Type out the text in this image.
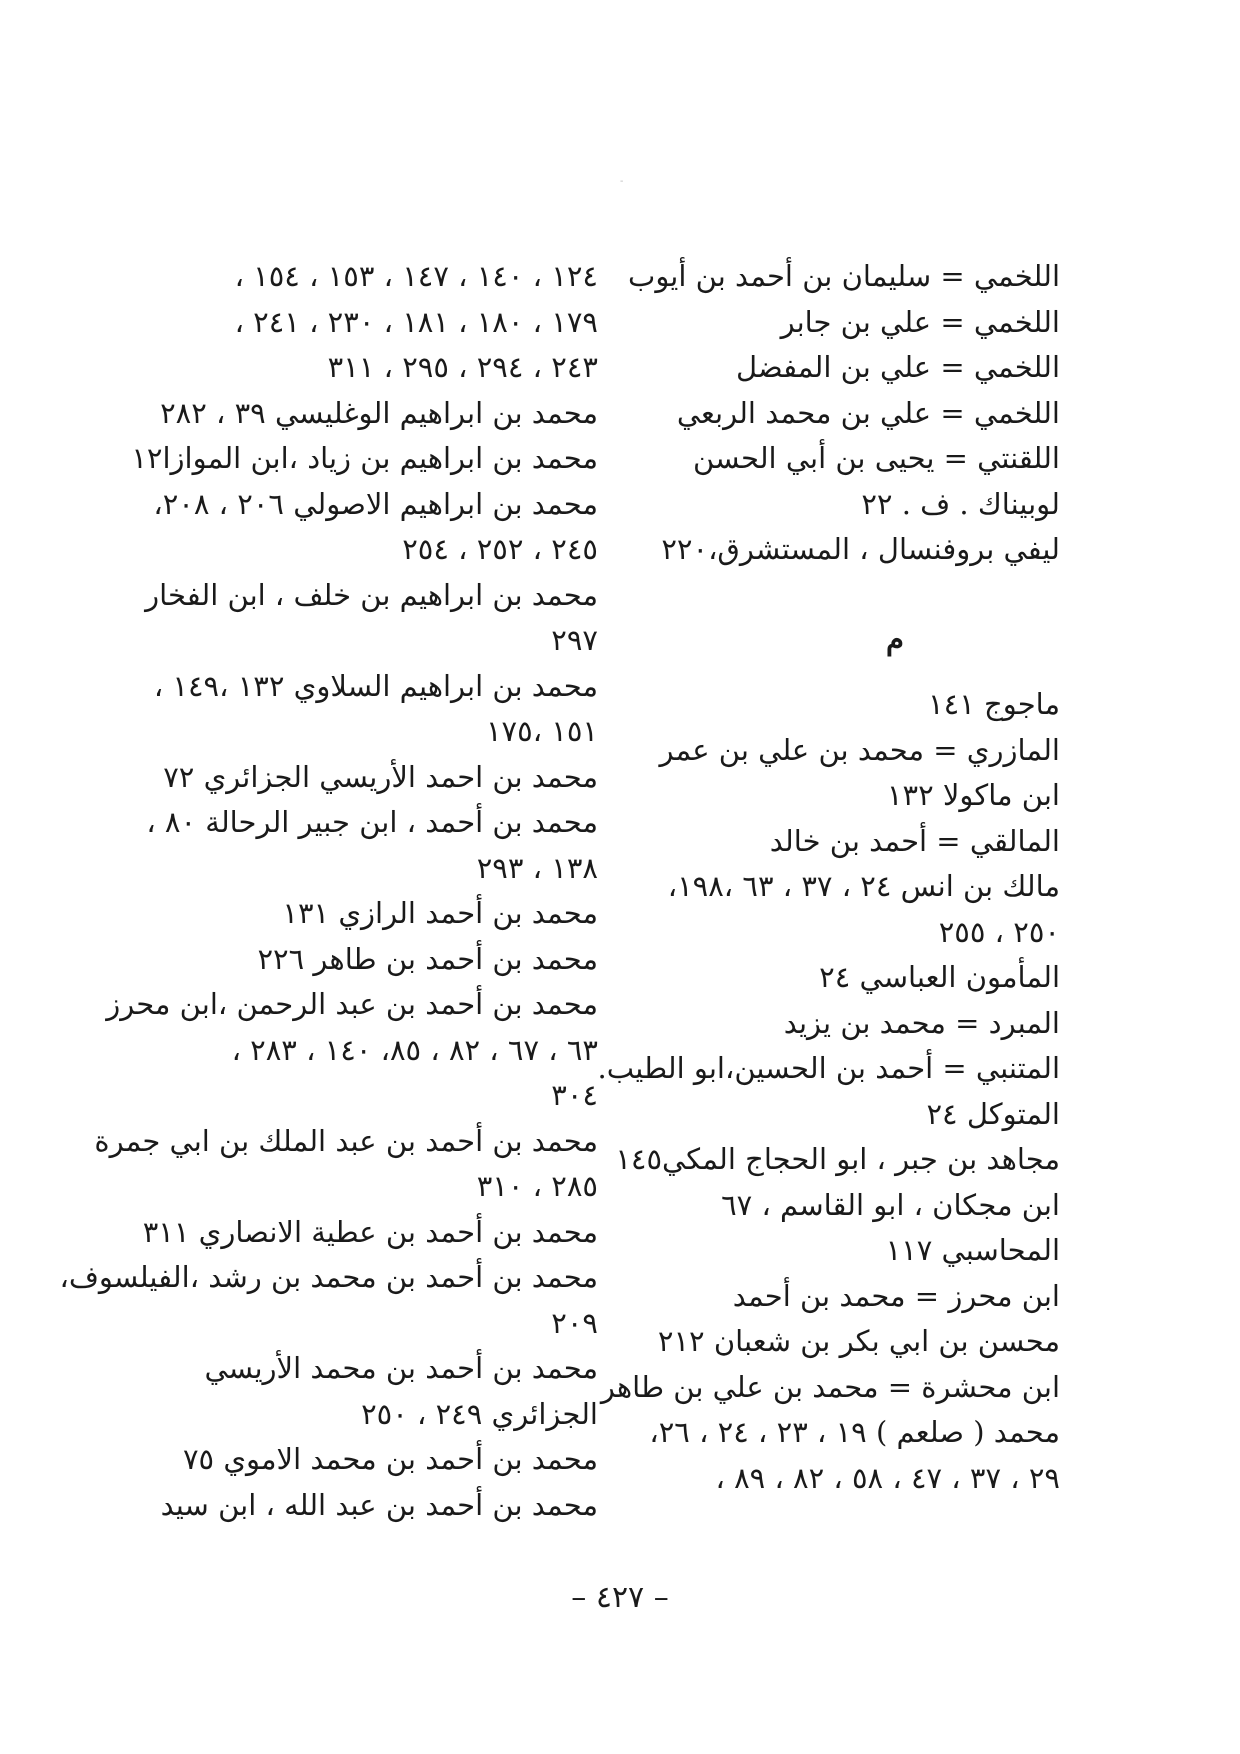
اللخمي = سليمان بن أحمد بن أيوب
اللخمي = علي بن جابر
اللخمي = علي بن المفضل
اللخمي = علي بن محمد الربعي
اللقنتي = يحيى بن أبي الحسن
لوبيناك . ف . ٢٢
ليفي بروفنسال ، المستشرق،٢٢٠
م
ماجوج ١٤١
المازري = محمد بن علي بن عمر
ابن ماكولا ١٣٢
المالقي = أحمد بن خالد
مالك بن انس ٢٤ ، ٣٧ ، ٦٣ ،١٩٨،
٢٥٠ ، ٢٥٥
المأمون العباسي ٢٤
المبرد = محمد بن يزيد
المتنبي = أحمد بن الحسين،ابو الطيب.
المتوكل ٢٤
مجاهد بن جبر ، ابو الحجاج المكي١٤٥
ابن مجكان ، ابو القاسم ، ٦٧
المحاسبي ١١٧
ابن محرز = محمد بن أحمد
محسن بن ابي بكر بن شعبان ٢١٢
ابن محشرة = محمد بن علي بن طاهر
محمد ( صلعم ) ١٩ ، ٢٣ ، ٢٤ ، ٢٦،
٢٩ ، ٣٧ ، ٤٧ ، ٥٨ ، ٨٢ ، ٨٩ ،
١٢٤ ، ١٤٠ ، ١٤٧ ، ١٥٣ ، ١٥٤ ،
١٧٩ ، ١٨٠ ، ١٨١ ، ٢٣٠ ، ٢٤١ ،
٢٤٣ ، ٢٩٤ ، ٢٩٥ ، ٣١١
محمد بن ابراهيم الوغليسي ٣٩ ، ٢٨٢
محمد بن ابراهيم بن زياد ،ابن الموازا١٢
محمد بن ابراهيم الاصولي ٢٠٦ ، ٢٠٨،
٢٤٥ ، ٢٥٢ ، ٢٥٤
محمد بن ابراهيم بن خلف ، ابن الفخار
٢٩٧
محمد بن ابراهيم السلاوي ١٣٢ ،١٤٩ ،
١٥١ ،١٧٥
محمد بن احمد الأريسي الجزائري ٧٢
محمد بن أحمد ، ابن جبير الرحالة ٨٠ ،
١٣٨ ، ٢٩٣
محمد بن أحمد الرازي ١٣١
محمد بن أحمد بن طاهر ٢٢٦
محمد بن أحمد بن عبد الرحمن ،ابن محرز
٦٣ ، ٦٧ ، ٨٢ ، ٨٥، ١٤٠ ، ٢٨٣ ،
٣٠٤
محمد بن أحمد بن عبد الملك بن ابي جمرة
٢٨٥ ، ٣١٠
محمد بن أحمد بن عطية الانصاري ٣١١
محمد بن أحمد بن محمد بن رشد ،الفيلسوف،
٢٠٩
محمد بن أحمد بن محمد الأريسي
الجزائري ٢٤٩ ، ٢٥٠
محمد بن أحمد بن محمد الاموي ٧٥
محمد بن أحمد بن عبد الله ، ابن سيد
– ٤٢٧ –
-
